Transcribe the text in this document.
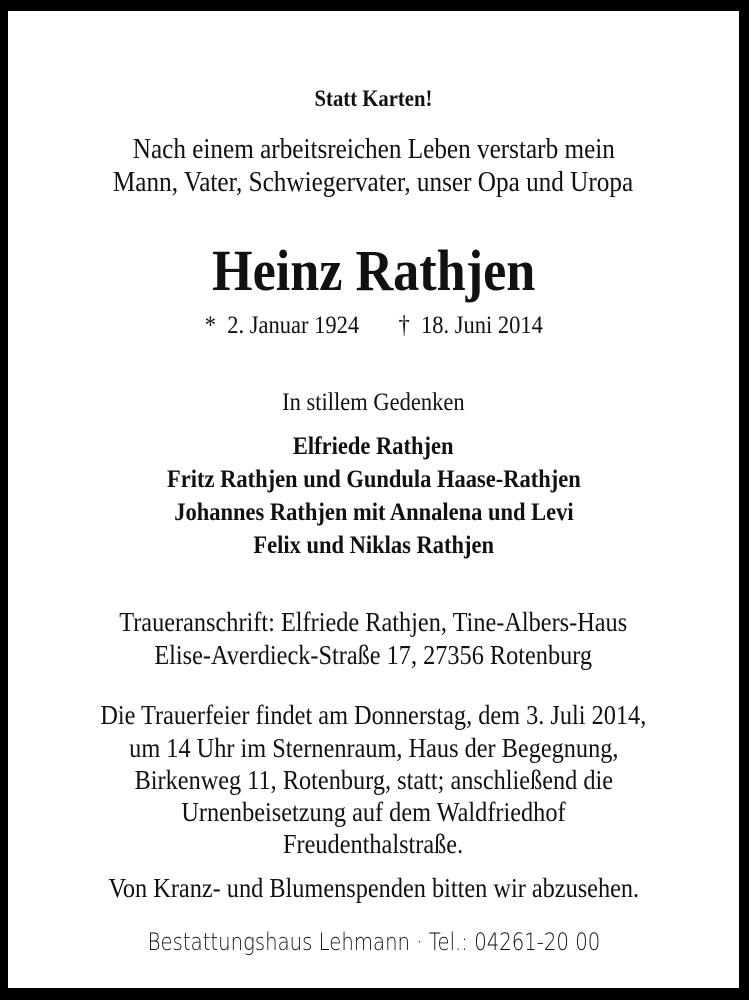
Statt Karten!
Nach einem arbeitsreichen Leben verstarb mein
Mann, Vater, Schwiegervater, unser Opa und Uropa
Heinz Rathjen
* 2. Januar 1924 † 18. Juni 2014
In stillem Gedenken
Elfriede Rathjen
Fritz Rathjen und Gundula Haase-Rathjen
Johannes Rathjen mit Annalena und Levi
Felix und Niklas Rathjen
Traueranschrift: Elfriede Rathjen, Tine-Albers-Haus
Elise-Averdieck-Straße 17, 27356 Rotenburg
Die Trauerfeier findet am Donnerstag, dem 3. Juli 2014,
um 14 Uhr im Sternenraum, Haus der Begegnung,
Birkenweg 11, Rotenburg, statt; anschließend die
Urnenbeisetzung auf dem Waldfriedhof
Freudenthalstraße.
Von Kranz- und Blumenspenden bitten wir abzusehen.
Bestattungshaus Lehmann · Tel.: 04261-20 00
